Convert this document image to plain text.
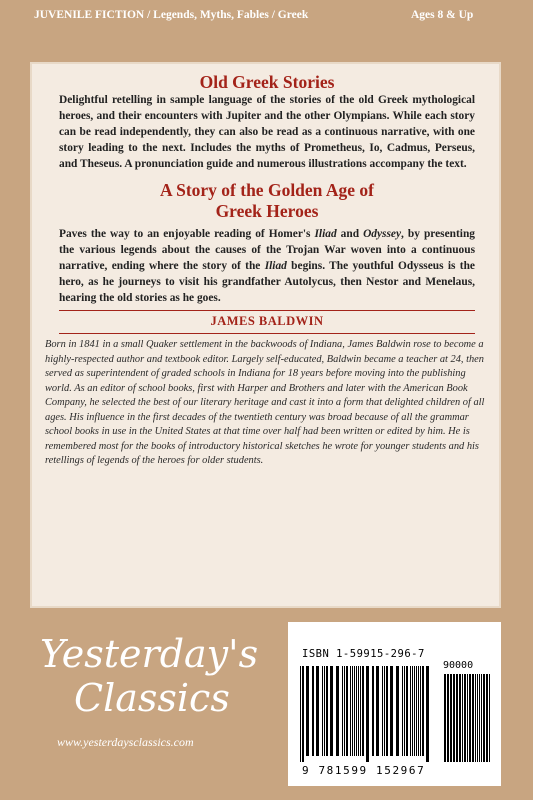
JUVENILE FICTION / Legends, Myths, Fables / Greek	Ages 8 & Up

Old Greek Stories

Delightful retelling in sample language of the stories of the old Greek mythological heroes, and their encounters with Jupiter and the other Olympians. While each story can be read independently, they can also be read as a continuous narrative, with one story leading to the next. Includes the myths of Prometheus, Io, Cadmus, Perseus, and Theseus. A pronunciation guide and numerous illustrations accompany the text.

A Story of the Golden Age of
Greek Heroes

Paves the way to an enjoyable reading of Homer's Iliad and Odyssey, by presenting the various legends about the causes of the Trojan War woven into a continuous narrative, ending where the story of the Iliad begins. The youthful Odysseus is the hero, as he journeys to visit his grandfather Autolycus, then Nestor and Menelaus, hearing the old stories as he goes.

JAMES BALDWIN

Born in 1841 in a small Quaker settlement in the backwoods of Indiana, James Baldwin rose to become a highly-respected author and textbook editor. Largely self-educated, Baldwin became a teacher at 24, then served as superintendent of graded schools in Indiana for 18 years before moving into the publishing world. As an editor of school books, first with Harper and Brothers and later with the American Book Company, he selected the best of our literary heritage and cast it into a form that delighted children of all ages. His influence in the first decades of the twentieth century was broad because of all the grammar school books in use in the United States at that time over half had been written or edited by him. He is remembered most for the books of introductory historical sketches he wrote for younger students and his retellings of legends of the heroes for older students.

Yesterday's
Classics
www.yesterdaysclassics.com
ISBN 1-59915-296-7
90000
9 781599 152967
